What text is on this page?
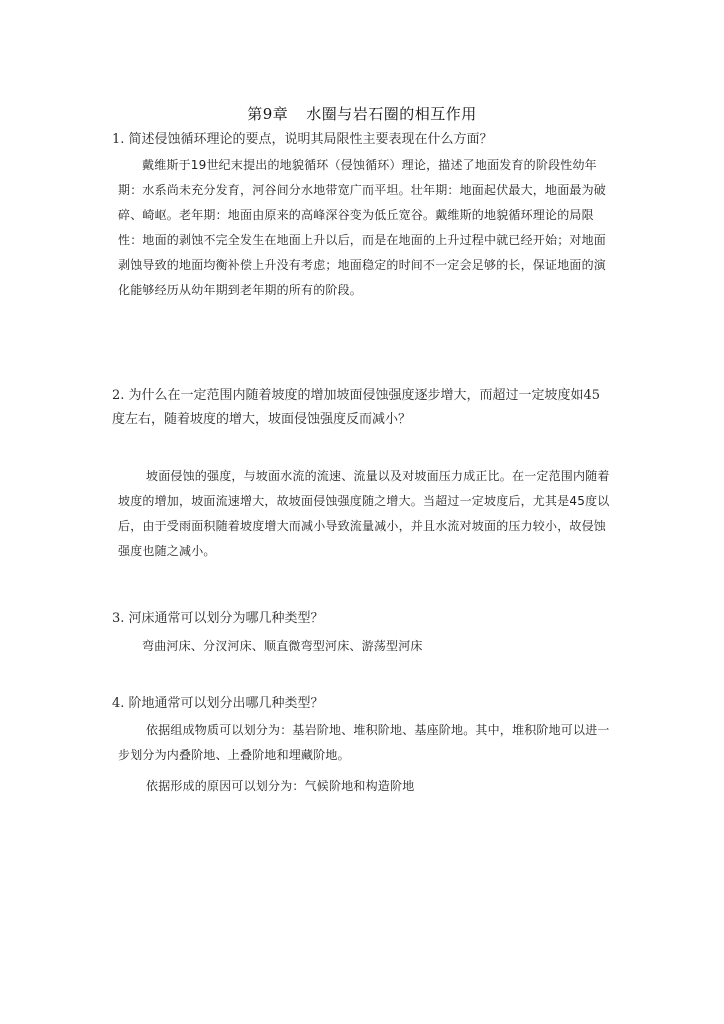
第9章 水圈与岩石圈的相互作用
1. 简述侵蚀循环理论的要点，说明其局限性主要表现在什么方面？
戴维斯于19世纪末提出的地貌循环（侵蚀循环）理论，描述了地面发育的阶段性幼年期：水系尚未充分发育，河谷间分水地带宽广而平坦。壮年期：地面起伏最大，地面最为破碎、崎岖。老年期：地面由原来的高峰深谷变为低丘宽谷。戴维斯的地貌循环理论的局限性：地面的剥蚀不完全发生在地面上升以后，而是在地面的上升过程中就已经开始；对地面剥蚀导致的地面均衡补偿上升没有考虑；地面稳定的时间不一定会足够的长，保证地面的演化能够经历从幼年期到老年期的所有的阶段。
2. 为什么在一定范围内随着坡度的增加坡面侵蚀强度逐步增大，而超过一定坡度如45度左右，随着坡度的增大，坡面侵蚀强度反而减小？
坡面侵蚀的强度，与坡面水流的流速、流量以及对坡面压力成正比。在一定范围内随着坡度的增加，坡面流速增大，故坡面侵蚀强度随之增大。当超过一定坡度后，尤其是45度以后，由于受雨面积随着坡度增大而减小导致流量减小，并且水流对坡面的压力较小，故侵蚀强度也随之减小。
3. 河床通常可以划分为哪几种类型？
弯曲河床、分汊河床、顺直微弯型河床、游荡型河床
4. 阶地通常可以划分出哪几种类型？
依据组成物质可以划分为：基岩阶地、堆积阶地、基座阶地。其中，堆积阶地可以进一步划分为内叠阶地、上叠阶地和埋藏阶地。
依据形成的原因可以划分为：气候阶地和构造阶地
